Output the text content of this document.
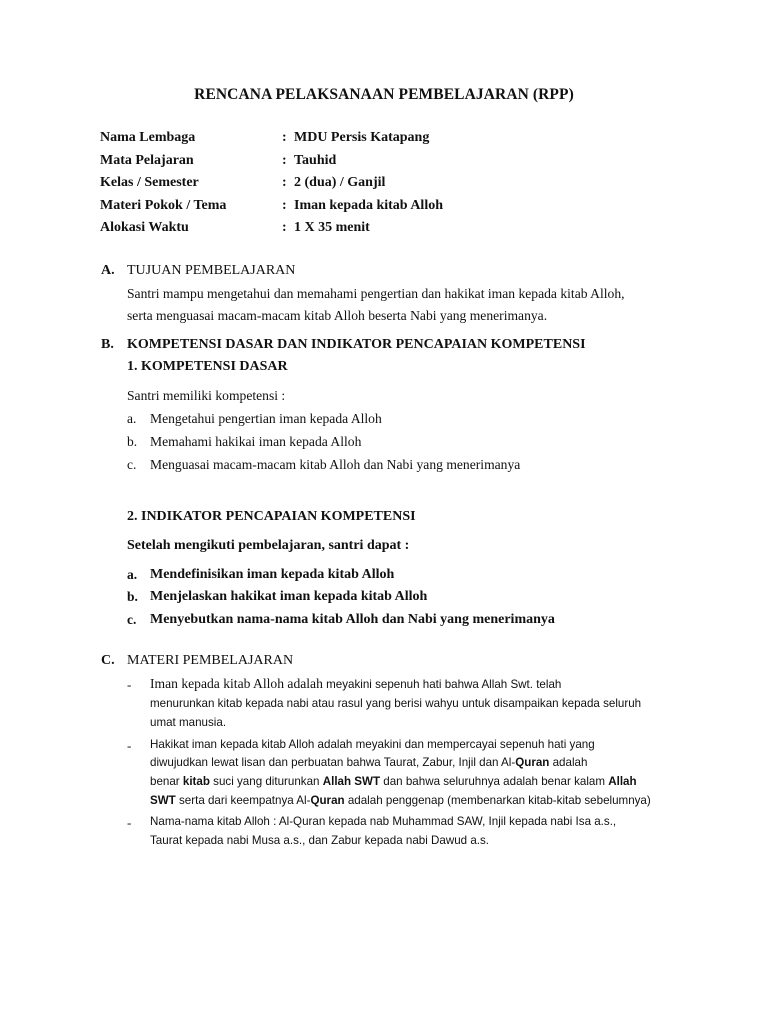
RENCANA PELAKSANAAN PEMBELAJARAN (RPP)
Nama Lembaga	: MDU Persis Katapang
Mata Pelajaran	: Tauhid
Kelas / Semester	: 2 (dua) / Ganjil
Materi Pokok / Tema	: Iman kepada kitab Alloh
Alokasi Waktu	: 1 X 35 menit
A. TUJUAN PEMBELAJARAN
Santri mampu mengetahui dan memahami pengertian dan hakikat iman kepada kitab Alloh,
serta menguasai macam-macam kitab Alloh beserta Nabi yang menerimanya.
B. KOMPETENSI DASAR DAN INDIKATOR PENCAPAIAN KOMPETENSI
1. KOMPETENSI DASAR
Santri memiliki kompetensi :
a. Mengetahui pengertian iman kepada Alloh
b. Memahami hakikai iman kepada Alloh
c. Menguasai macam-macam kitab Alloh dan Nabi yang menerimanya
2. INDIKATOR PENCAPAIAN KOMPETENSI
Setelah mengikuti pembelajaran, santri dapat :
a. Mendefinisikan iman kepada kitab Alloh
b. Menjelaskan hakikat iman kepada kitab Alloh
c. Menyebutkan nama-nama kitab Alloh dan Nabi yang menerimanya
C. MATERI PEMBELAJARAN
- Iman kepada kitab Alloh adalah meyakini sepenuh hati bahwa Allah Swt. telah
menurunkan kitab kepada nabi atau rasul yang berisi wahyu untuk disampaikan kepada seluruh
umat manusia.
- Hakikat iman kepada kitab Alloh adalah meyakini dan mempercayai sepenuh hati yang
diwujudkan lewat lisan dan perbuatan bahwa Taurat, Zabur, Injil dan Al-Quran adalah
benar kitab suci yang diturunkan Allah SWT dan bahwa seluruhnya adalah benar kalam Allah
SWT serta dari keempatnya Al-Quran adalah penggenap (membenarkan kitab-kitab sebelumnya)
- Nama-nama kitab Alloh : Al-Quran kepada nab Muhammad SAW, Injil kepada nabi Isa a.s.,
Taurat kepada nabi Musa a.s., dan Zabur kepada nabi Dawud a.s.
